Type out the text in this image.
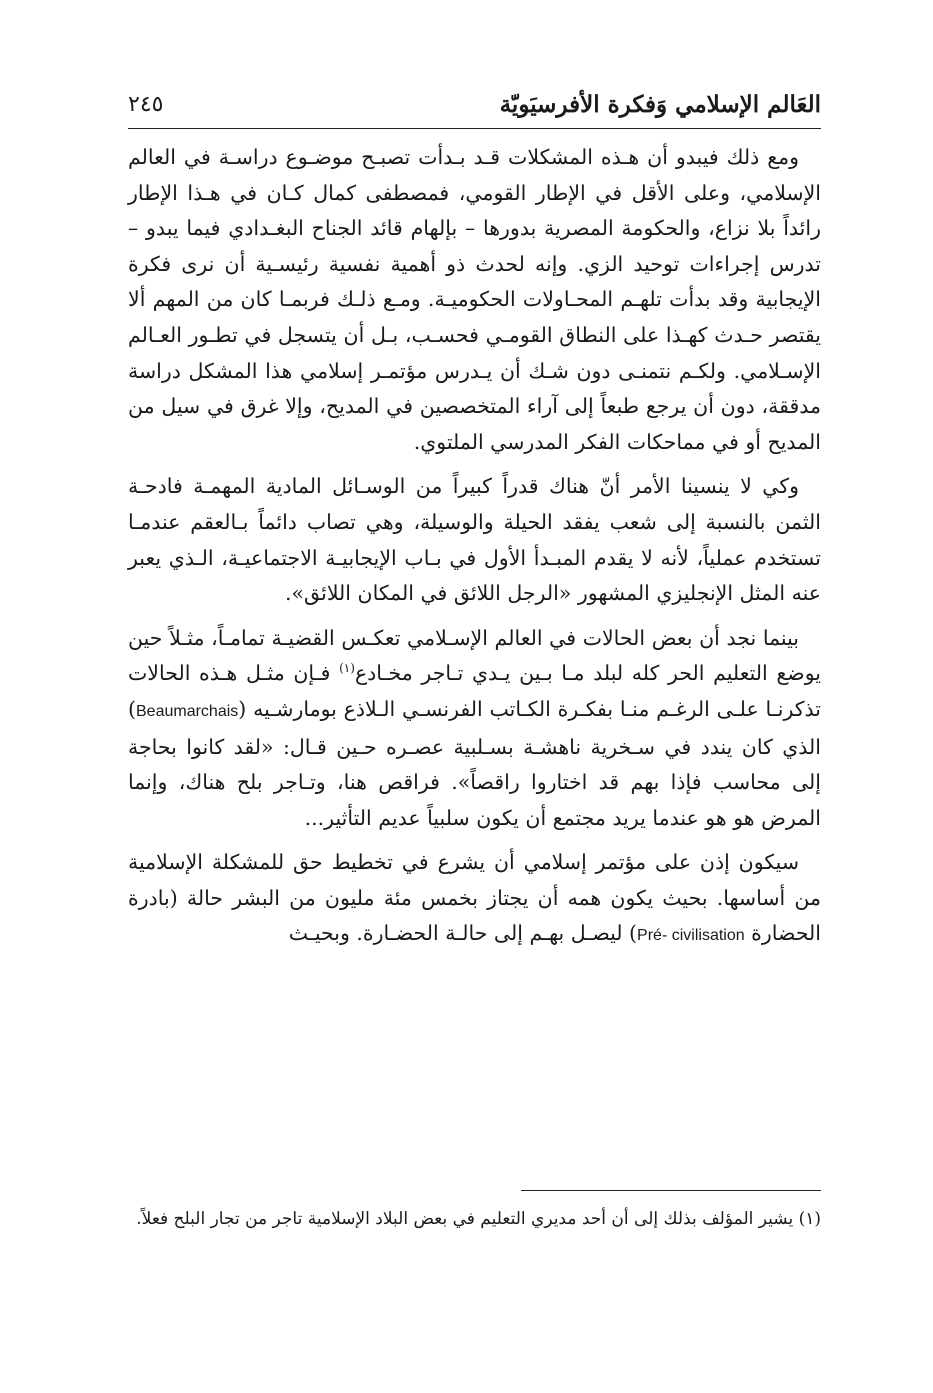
العَالم الإسلامي وَفكرة الأفرسيَويّة
٢٤٥

ومع ذلك فيبدو أن هـذه المشكلات قـد بـدأت تصبـح موضـوع دراسـة في العالم الإسلامي، وعلى الأقل في الإطار القومي، فمصطفى كمال كـان في هـذا الإطار رائداً بلا نزاع، والحكومة المصرية بدورها – بإلهام قائد الجناح البغـدادي فيما يبدو – تدرس إجراءات توحيد الزي. وإنه لحدث ذو أهمية نفسية رئيسـية أن نرى فكرة الإيجابية وقد بدأت تلهـم المحـاولات الحكوميـة. ومـع ذلـك فربمـا كان من المهم ألا يقتصر حـدث كهـذا على النطاق القومـي فحسـب، بـل أن يتسجل في تطـور العـالم الإسـلامي. ولكـم نتمنـى دون شـك أن يـدرس مؤتمـر إسلامي هذا المشكل دراسة مدققة، دون أن يرجع طبعاً إلى آراء المتخصصين في المديح، وإلا غرق في سيل من المديح أو في مماحكات الفكر المدرسي الملتوي.

وكي لا ينسينا الأمر أنّ هناك قدراً كبيراً من الوسـائل المادية المهمـة فادحـة الثمن بالنسبة إلى شعب يفقد الحيلة والوسيلة، وهي تصاب دائماً بـالعقم عندمـا تستخدم عملياً، لأنه لا يقدم المبـدأ الأول في بـاب الإيجابيـة الاجتماعيـة، الـذي يعبر عنه المثل الإنجليزي المشهور «الرجل اللائق في المكان اللائق».

بينما نجد أن بعض الحالات في العالم الإسـلامي تعكـس القضيـة تمامـاً، مثـلاً حين يوضع التعليم الحر كله لبلد مـا بـين يـدي تـاجر مخـادع$^{(١)}$ فـإن مثـل هـذه الحالات تذكرنـا علـى الرغـم منـا بفكـرة الكـاتب الفرنسـي الـلاذع بومارشـيه (Beaumarchais) الذي كان يندد في سـخرية ناهشـة بسـلبية عصـره حـين قـال: «لقد كانوا بحاجة إلى محاسب فإذا بهم قد اختاروا راقصاً». فراقص هنا، وتـاجر بلح هناك، وإنما المرض هو هو عندما يريد مجتمع أن يكون سلبياً عديم التأثير...

سيكون إذن على مؤتمر إسلامي أن يشرع في تخطيط حق للمشكلة الإسلامية من أساسها. بحيث يكون همه أن يجتاز بخمس مئة مليون من البشر حالة (بادرة الحضارة Pré- civilisation) ليصـل بهـم إلى حالـة الحضـارة. وبحيـث

(١) يشير المؤلف بذلك إلى أن أحد مديري التعليم في بعض البلاد الإسلامية تاجر من تجار البلح فعلاً.
